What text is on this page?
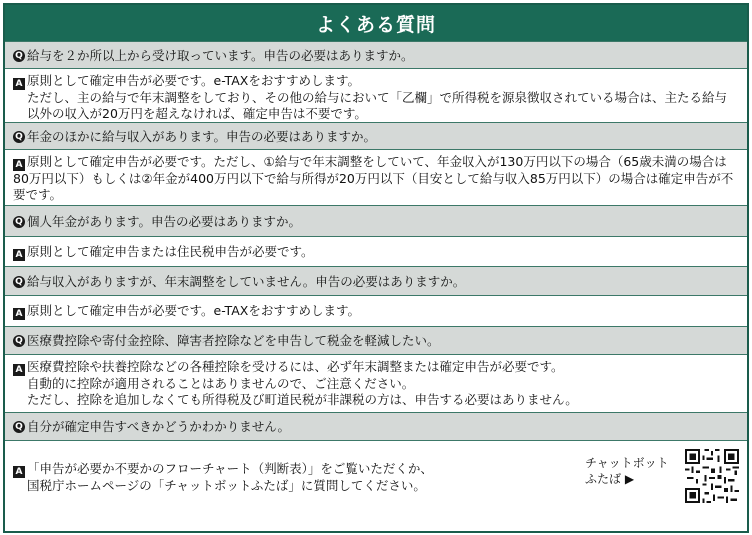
よくある質問
Q 給与を２か所以上から受け取っています。申告の必要はありますか。
A 原則として確定申告が必要です。e-TAXをおすすめします。
ただし、主の給与で年末調整をしており、その他の給与において「乙欄」で所得税を源泉徴収されている場合は、主たる給与以外の収入が20万円を超えなければ、確定申告は不要です。
Q 年金のほかに給与収入があります。申告の必要はありますか。
A 原則として確定申告が必要です。ただし、①給与で年末調整をしていて、年金収入が130万円以下の場合（65歳未満の場合は80万円以下）もしくは②年金が400万円以下で給与所得が20万円以下（目安として給与収入85万円以下）の場合は確定申告が不要です。
Q 個人年金があります。申告の必要はありますか。
A 原則として確定申告または住民税申告が必要です。
Q 給与収入がありますが、年末調整をしていません。申告の必要はありますか。
A 原則として確定申告が必要です。e-TAXをおすすめします。
Q 医療費控除や寄付金控除、障害者控除などを申告して税金を軽減したい。
A 医療費控除や扶養控除などの各種控除を受けるには、必ず年末調整または確定申告が必要です。
自動的に控除が適用されることはありませんので、ご注意ください。
ただし、控除を追加しなくても所得税及び町道民税が非課税の方は、申告する必要はありません。
Q 自分が確定申告すべきかどうかわかりません。
A 「申告が必要か不要かのフローチャート（判断表）」をご覧いただくか、
国税庁ホームページの「チャットボットふたば」に質問してください。
チャットボット
ふたば ▶
